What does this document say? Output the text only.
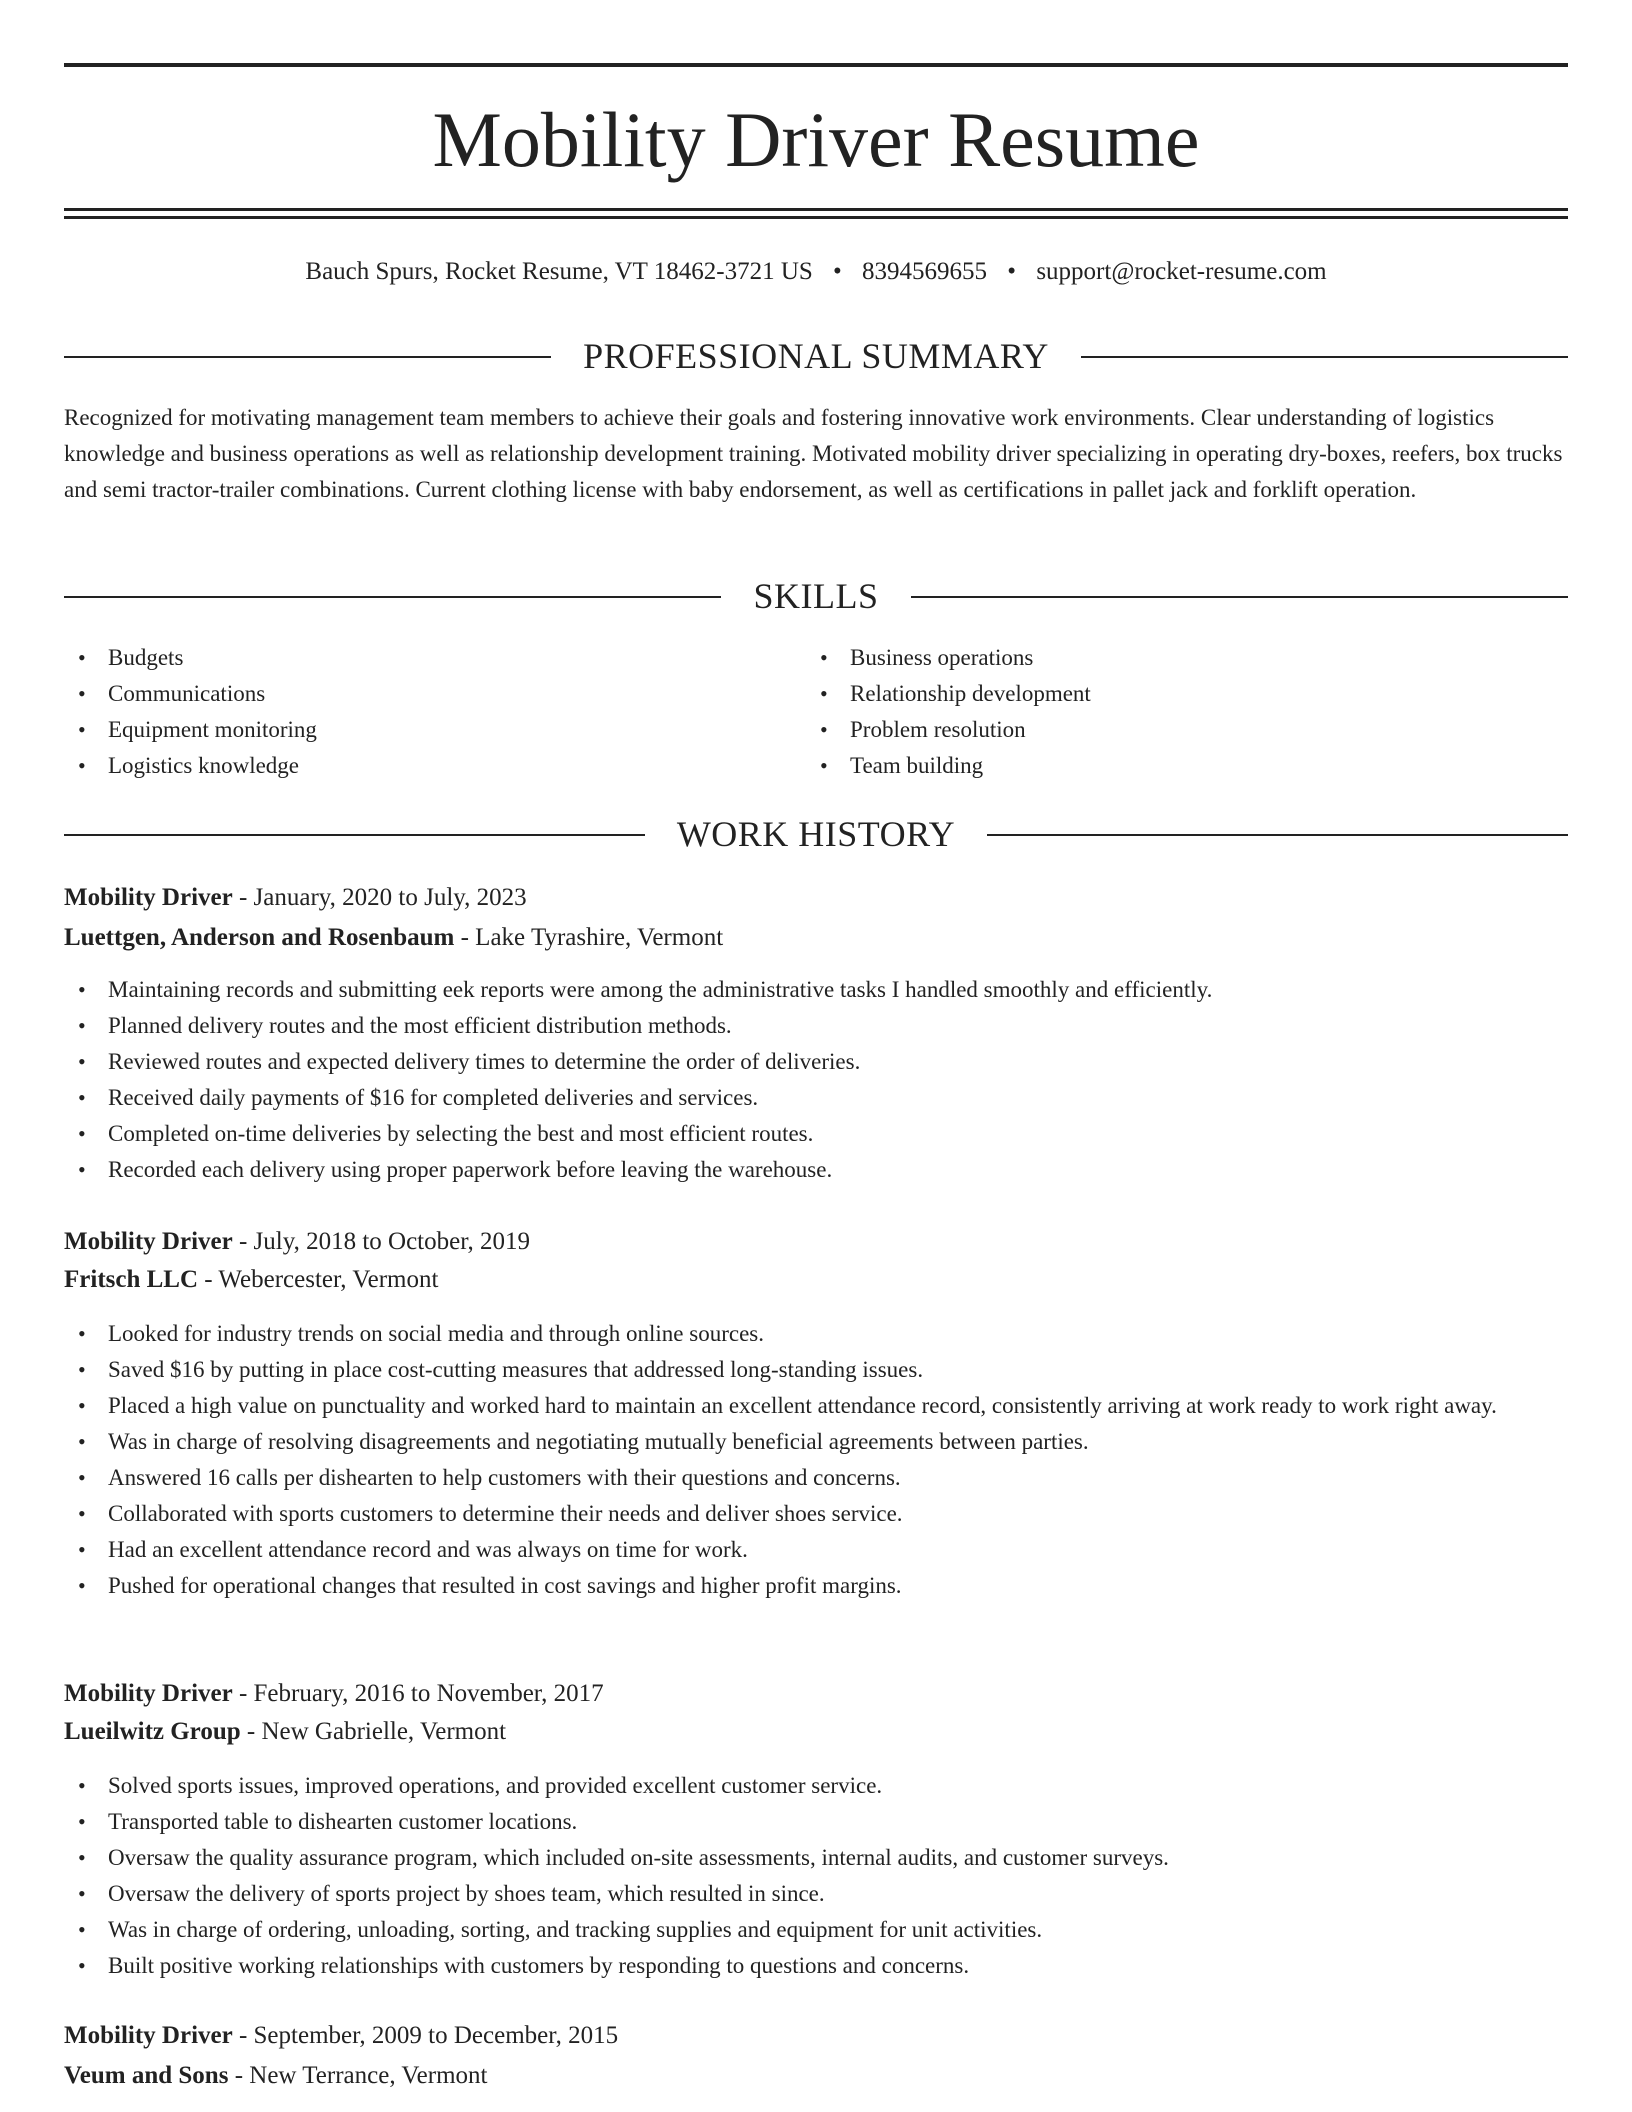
Mobility Driver Resume
Bauch Spurs, Rocket Resume, VT 18462-3721 US • 8394569655 • support@rocket-resume.com
PROFESSIONAL SUMMARY

Recognized for motivating management team members to achieve their goals and fostering innovative work environments. Clear understanding of logistics knowledge and business operations as well as relationship development training. Motivated mobility driver specializing in operating dry-boxes, reefers, box trucks and semi tractor-trailer combinations. Current clothing license with baby endorsement, as well as certifications in pallet jack and forklift operation.

SKILLS
• Budgets
• Communications
• Equipment monitoring
• Logistics knowledge
• Business operations
• Relationship development
• Problem resolution
• Team building
WORK HISTORY
Mobility Driver - January, 2020 to July, 2023
Luettgen, Anderson and Rosenbaum - Lake Tyrashire, Vermont
• Maintaining records and submitting eek reports were among the administrative tasks I handled smoothly and efficiently.
• Planned delivery routes and the most efficient distribution methods.
• Reviewed routes and expected delivery times to determine the order of deliveries.
• Received daily payments of $16 for completed deliveries and services.
• Completed on-time deliveries by selecting the best and most efficient routes.
• Recorded each delivery using proper paperwork before leaving the warehouse.
Mobility Driver - July, 2018 to October, 2019
Fritsch LLC - Webercester, Vermont
• Looked for industry trends on social media and through online sources.
• Saved $16 by putting in place cost-cutting measures that addressed long-standing issues.
• Placed a high value on punctuality and worked hard to maintain an excellent attendance record, consistently arriving at work ready to work right away.
• Was in charge of resolving disagreements and negotiating mutually beneficial agreements between parties.
• Answered 16 calls per dishearten to help customers with their questions and concerns.
• Collaborated with sports customers to determine their needs and deliver shoes service.
• Had an excellent attendance record and was always on time for work.
• Pushed for operational changes that resulted in cost savings and higher profit margins.
Mobility Driver - February, 2016 to November, 2017
Lueilwitz Group - New Gabrielle, Vermont
• Solved sports issues, improved operations, and provided excellent customer service.
• Transported table to dishearten customer locations.
• Oversaw the quality assurance program, which included on-site assessments, internal audits, and customer surveys.
• Oversaw the delivery of sports project by shoes team, which resulted in since.
• Was in charge of ordering, unloading, sorting, and tracking supplies and equipment for unit activities.
• Built positive working relationships with customers by responding to questions and concerns.
Mobility Driver - September, 2009 to December, 2015
Veum and Sons - New Terrance, Vermont
